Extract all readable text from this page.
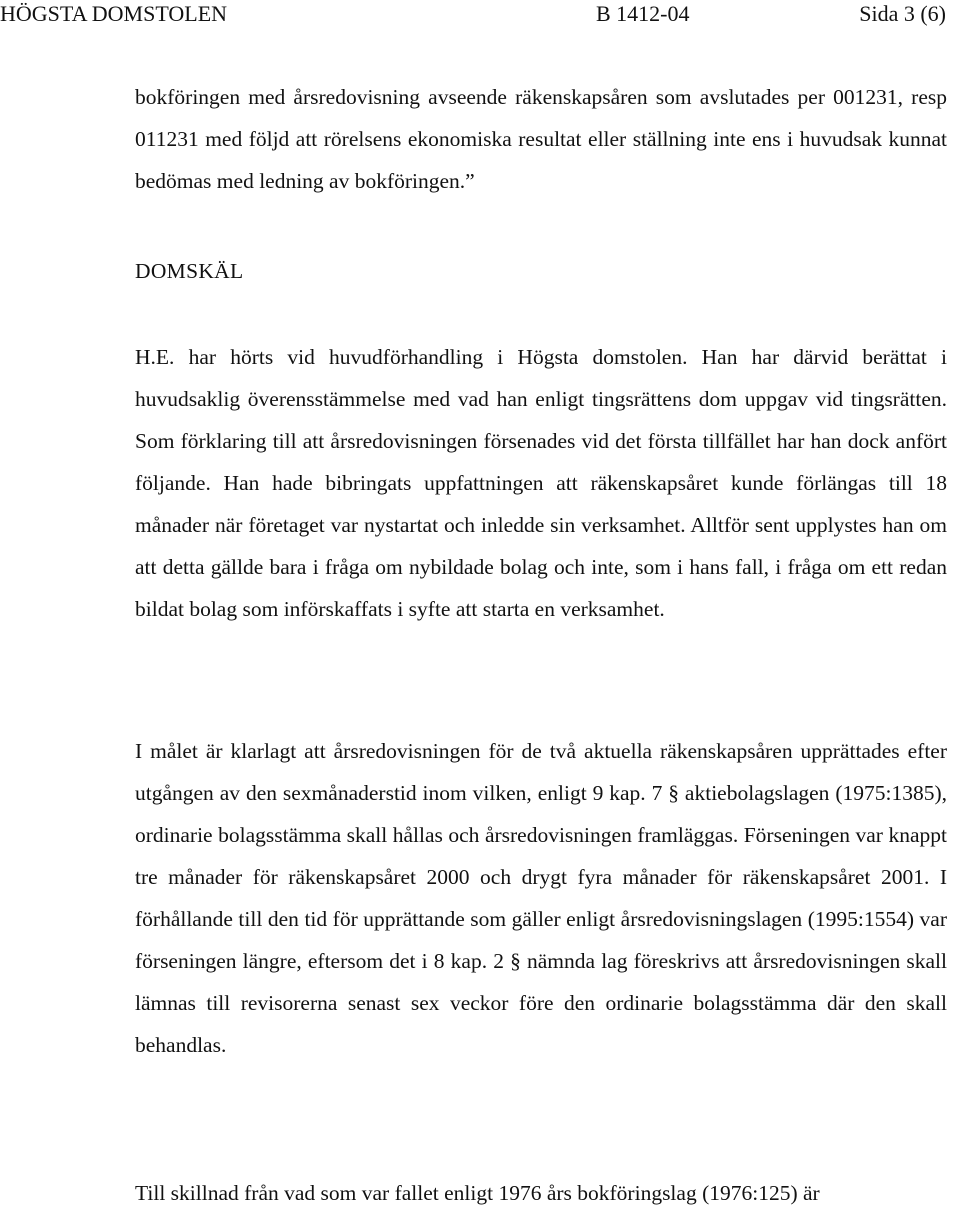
HÖGSTA DOMSTOLEN	B 1412-04	Sida 3 (6)

bokföringen med årsredovisning avseende räkenskapsåren som avslutades per 001231, resp 011231 med följd att rörelsens ekonomiska resultat eller ställning inte ens i huvudsak kunnat bedömas med ledning av bokföringen.”

DOMSKÄL

H.E. har hörts vid huvudförhandling i Högsta domstolen. Han har därvid berättat i huvudsaklig överensstämmelse med vad han enligt tingsrättens dom uppgav vid tingsrätten. Som förklaring till att årsredovisningen försenades vid det första tillfället har han dock anfört följande. Han hade bibringats uppfattningen att räkenskapsåret kunde förlängas till 18 månader när företaget var nystartat och inledde sin verksamhet. Alltför sent upplystes han om att detta gällde bara i fråga om nybildade bolag och inte, som i hans fall, i fråga om ett redan bildat bolag som införskaffats i syfte att starta en verksamhet.

I målet är klarlagt att årsredovisningen för de två aktuella räkenskapsåren upprättades efter utgången av den sexmånaderstid inom vilken, enligt 9 kap. 7 § aktiebolagslagen (1975:1385), ordinarie bolagsstämma skall hållas och årsredovisningen framläggas. Förseningen var knappt tre månader för räkenskapsåret 2000 och drygt fyra månader för räkenskapsåret 2001. I förhållande till den tid för upprättande som gäller enligt årsredovisningslagen (1995:1554) var förseningen längre, eftersom det i 8 kap. 2 § nämnda lag föreskrivs att årsredovisningen skall lämnas till revisorerna senast sex veckor före den ordinarie bolagsstämma där den skall behandlas.

Till skillnad från vad som var fallet enligt 1976 års bokföringslag (1976:125) är
